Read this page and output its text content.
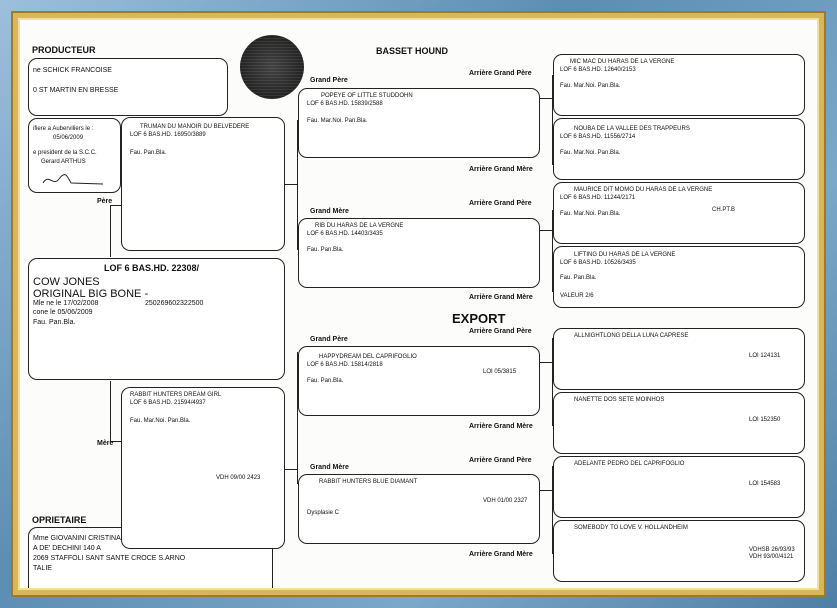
BASSET HOUND
EXPORT
PRODUCTEUR
ne SCHICK FRANCOISE
0 ST MARTIN EN BRESSE
ifiere a Auberviliers le :
05/06/2009
e president de la S.C.C.
Gerard ARTHUS
OPRIETAIRE
Mme GIOVANINI CRISTINA
A DE' DECHINI 140 A
2069 STAFFOLI SANT SANTE CROCE S.ARNO
TALIE
LOF 6 BAS.HD. 22308/
COW JONES
ORIGINAL BIG BONE -
Mle ne le 17/02/2008	250269602322500
cone le 05/06/2009
Fau. Pan.Bla.
Père
Mère
TRUMAN DU MANOIR DU BELVEDERE
LOF 6 BAS.HD. 16950/3889
Fau. Pan.Bla.
RABBIT HUNTERS DREAM GIRL
LOF 6 BAS.HD. 21594/4937
Fau. Mar.Noi. Pan.Bla.
VDH 09/00 2423
Grand Père
Grand Mère
Grand Père
Grand Mère
POPEYE OF LITTLE STUDDOHN
LOF 6 BAS.HD. 15839/2588
Fau. Mar.Noi. Pan.Bla.
RIB DU HARAS DE LA VERGNE
LOF 6 BAS.HD. 14403/3435
Fau. Pan.Bla.
HAPPYDREAM DEL CAPRIFOGLIO
LOF 6 BAS.HD. 15814/2818
LOI 05/3815
Fau. Pan.Bla.
RABBIT HUNTERS BLUE DIAMANT
VDH 01/00 2327
Dysplasie C
Arrière Grand Père
Arrière Grand Mère
Arrière Grand Père
Arrière Grand Mère
Arrière Grand Père
Arrière Grand Mère
Arrière Grand Père
Arrière Grand Mère
MIC MAC DU HARAS DE LA VERGNE
LOF 6 BAS.HD. 12640/2153
Fau. Mar.Noi. Pan.Bla.
NOUBA DE LA VALLEE DES TRAPPEURS
LOF 6 BAS.HD. 11556/2714
Fau. Mar.Noi. Pan.Bla.
MAURICE DIT MOMO DU HARAS DE LA VERGNE
LOF 6 BAS.HD. 11244/2171
CH.PT.B
Fau. Mar.Noi. Pan.Bla.
LIFTING DU HARAS DE LA VERGNE
LOF 6 BAS.HD. 10526/3435
Fau. Pan.Bla.
VALEUR 2/6
ALLNIGHTLONG DELLA LUNA CAPRESE
LOI 124131
NANETTE DOS SETE MOINHOS
LOI 152350
ADELANTE PEDRO DEL CAPRIFOGLIO
LOI 154583
SOMEBODY TO LOVE V. HOLLANDHEIM
VDHSB 26/93/93
VDH 93/00/4121
